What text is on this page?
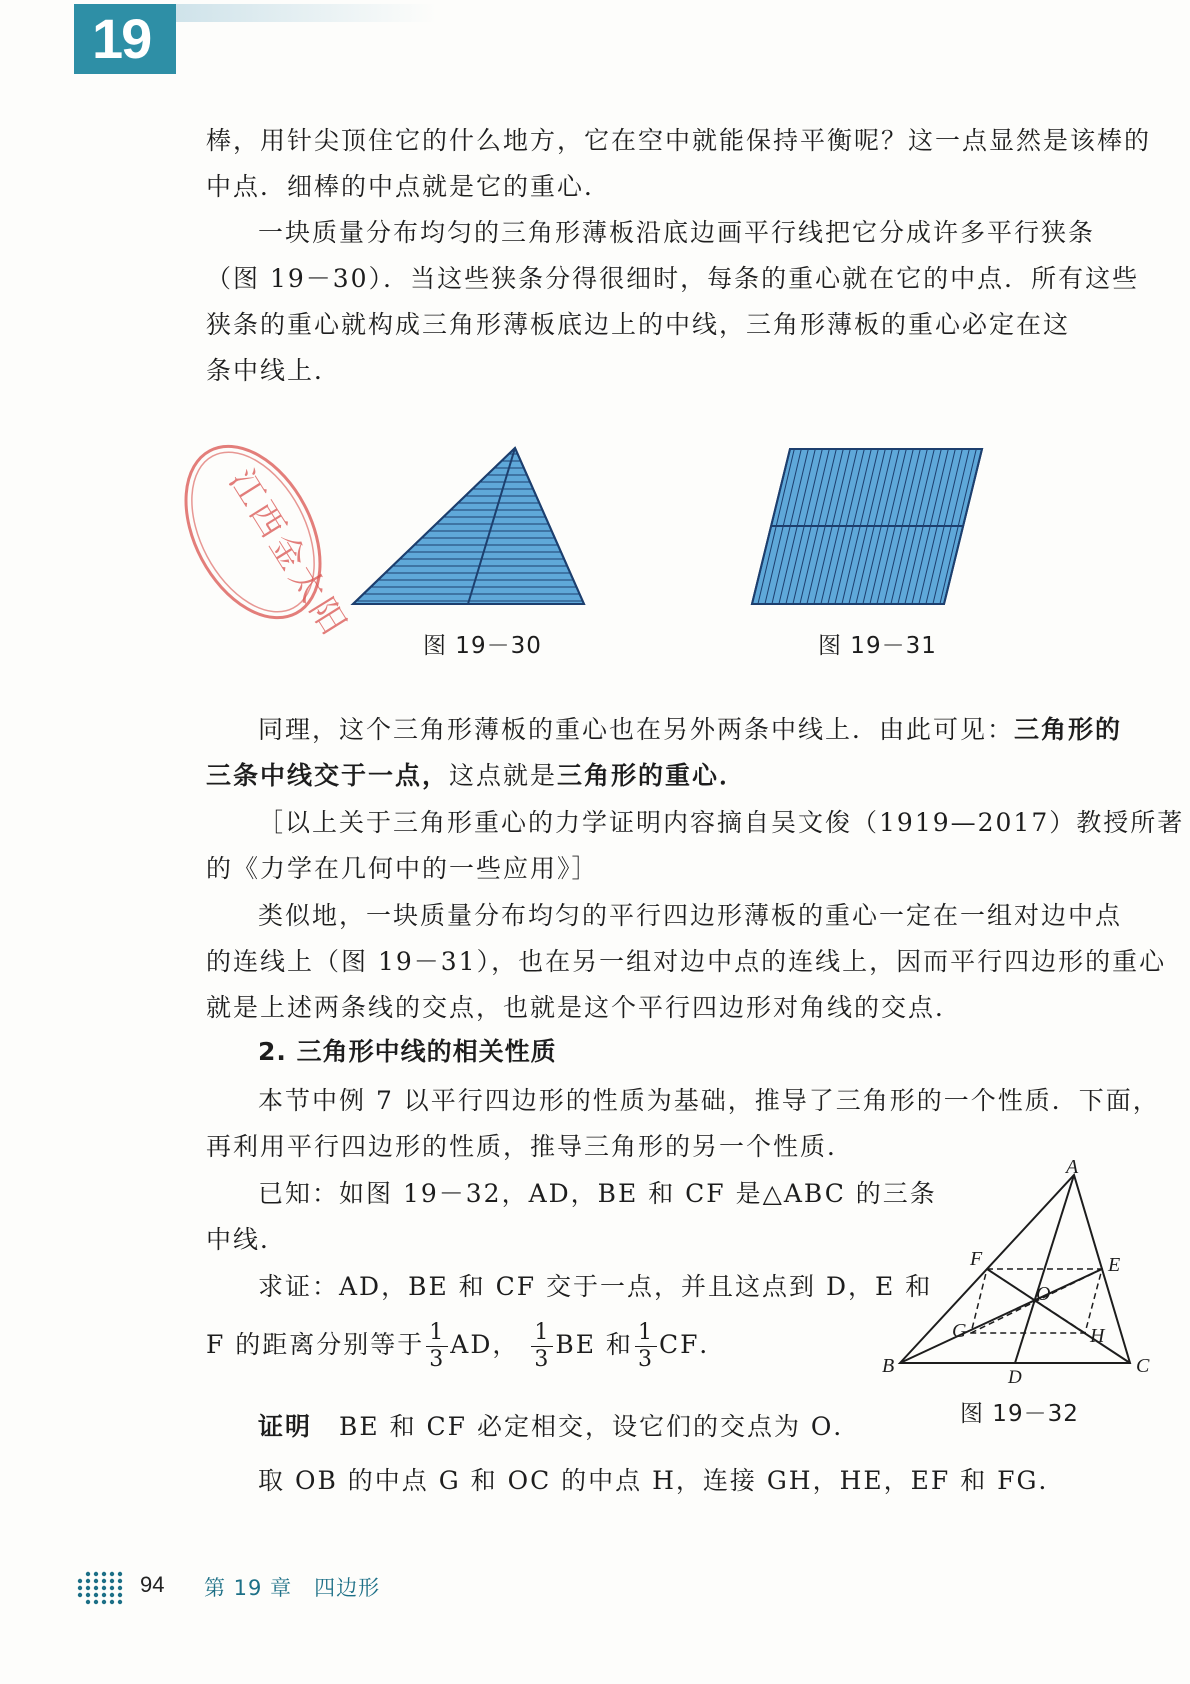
19

棒，用针尖顶住它的什么地方，它在空中就能保持平衡呢？这一点显然是该棒的

中点．细棒的中点就是它的重心．

一块质量分布均匀的三角形薄板沿底边画平行线把它分成许多平行狭条

（图 19－30）．当这些狭条分得很细时，每条的重心就在它的中点．所有这些

狭条的重心就构成三角形薄板底边上的中线，三角形薄板的重心必定在这

条中线上．

江西金太阳
图 19－30	图 19－31

同理，这个三角形薄板的重心也在另外两条中线上．由此可见：三角形的

三条中线交于一点，这点就是三角形的重心．

［以上关于三角形重心的力学证明内容摘自吴文俊（1919—2017）教授所著

的《力学在几何中的一些应用》］

类似地，一块质量分布均匀的平行四边形薄板的重心一定在一组对边中点

的连线上（图 19－31），也在另一组对边中点的连线上，因而平行四边形的重心

就是上述两条线的交点，也就是这个平行四边形对角线的交点．

2. 三角形中线的相关性质

本节中例 7 以平行四边形的性质为基础，推导了三角形的一个性质．下面，

再利用平行四边形的性质，推导三角形的另一个性质．

已知：如图 19－32，AD，BE 和 CF 是△ABC 的三条

中线．

求证：AD，BE 和 CF 交于一点，并且这点到 D，E 和

F 的距离分别等于 $\frac{1}{3}$ AD， $\frac{1}{3}$ BE 和 $\frac{1}{3}$ CF．

证明　 BE 和 CF 必定相交，设它们的交点为 O．

取 OB 的中点 G 和 OC 的中点 H，连接 GH，HE，EF 和 FG．

A
B	C
D
E
F
G	H
O
图 19－32
94 第 19 章　四边形
